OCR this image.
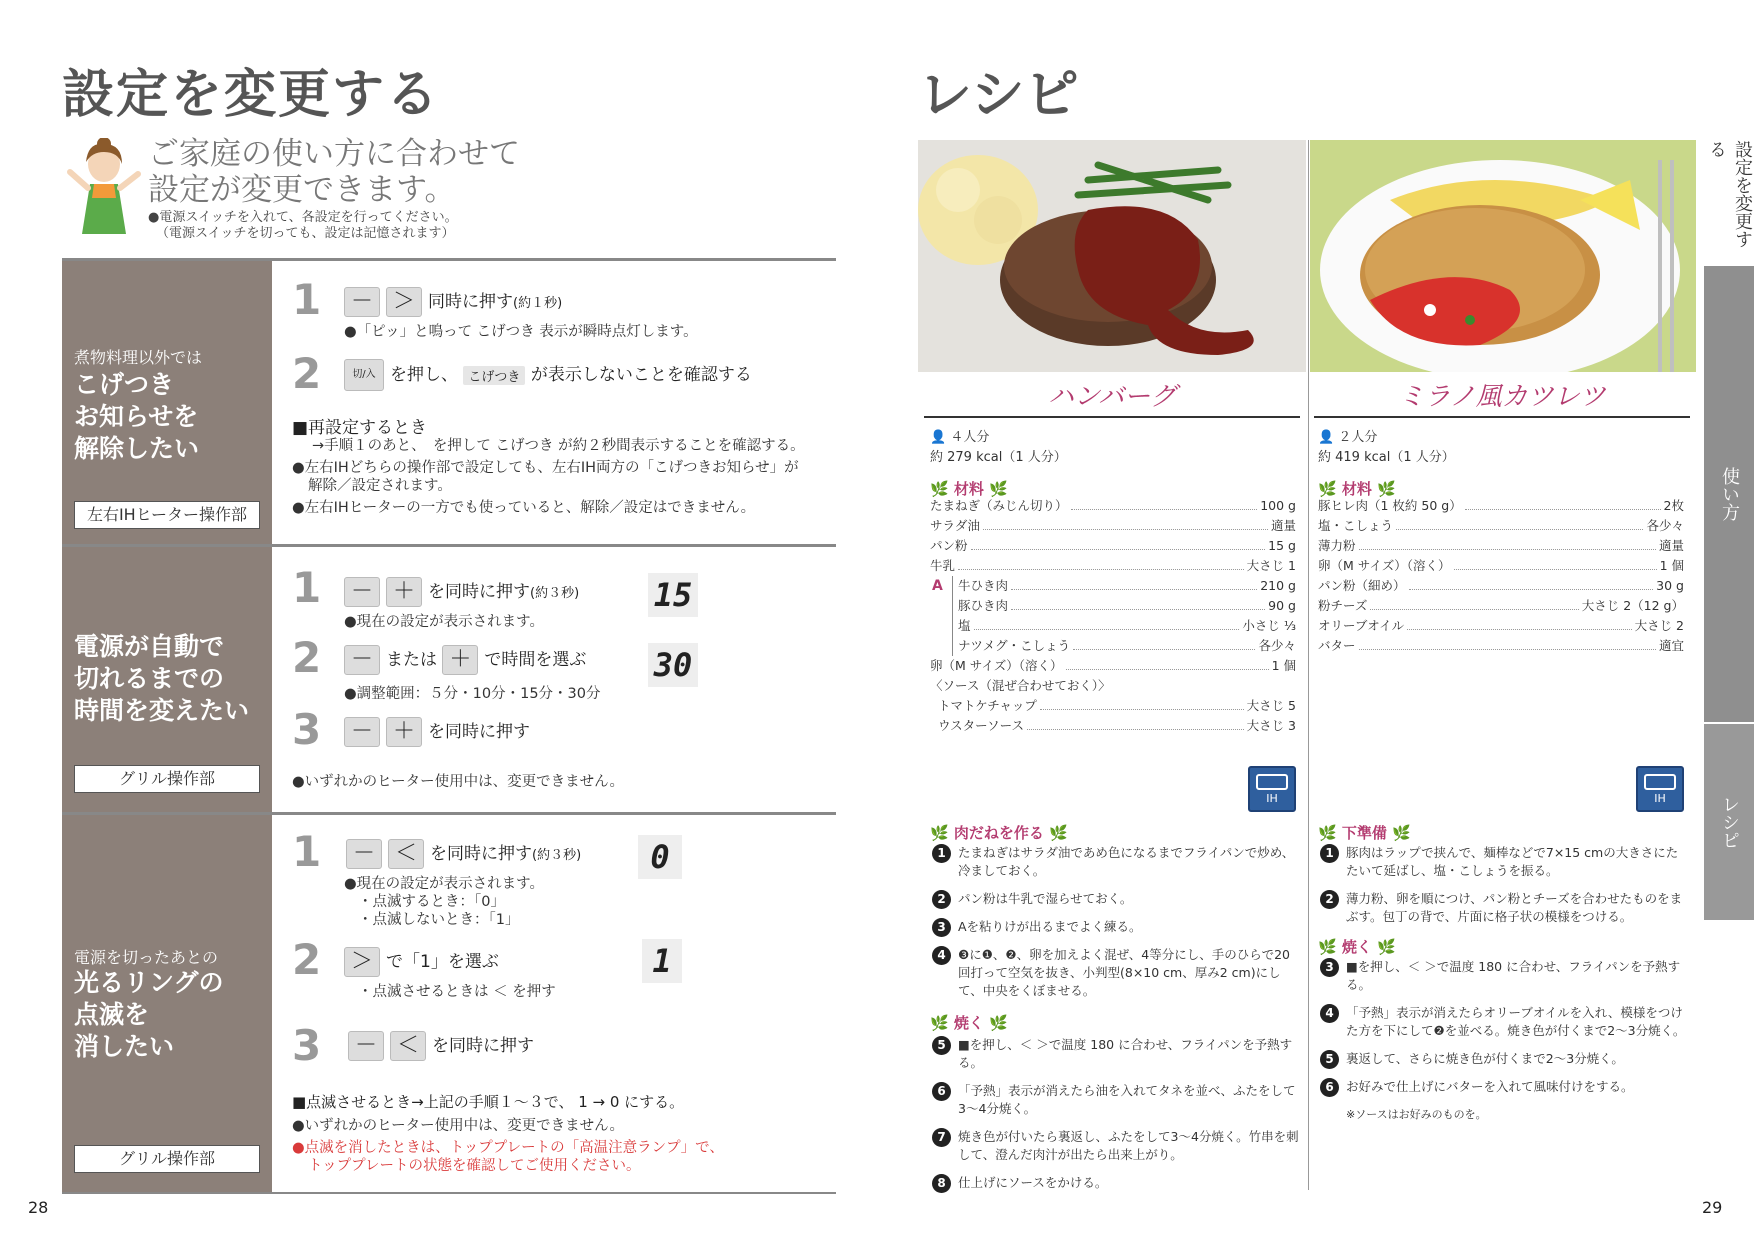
設定を変更する
ご家庭の使い方に合わせて
設定が変更できます。
●電源スイッチを入れて、各設定を行ってください。
（電源スイッチを切っても、設定は記憶されます）
煮物料理以外では
こげつき
お知らせを
解除したい
左右IHヒーター操作部
1	－ ＞ 同時に押す(約１秒)
●「ピッ」と鳴って こげつき 表示が瞬時点灯します。
2	切/入 を押し、 こげつき が表示しないことを確認する
■再設定するとき
→手順１のあと、　を押して こげつき が約２秒間表示することを確認する。
●左右IHどちらの操作部で設定しても、左右IH両方の「こげつきお知らせ」が
解除／設定されます。
●左右IHヒーターの一方でも使っていると、解除／設定はできません。
電源が自動で
切れるまでの
時間を変えたい
グリル操作部
1	－ ＋ を同時に押す(約３秒) 15
●現在の設定が表示されます。
2	－ または ＋ で時間を選ぶ 30
●調整範囲：５分・10分・15分・30分
3	－ ＋ を同時に押す
●いずれかのヒーター使用中は、変更できません。
電源を切ったあとの
光るリングの
点滅を
消したい
グリル操作部
1	－ ＜ を同時に押す(約３秒)	0
●現在の設定が表示されます。
・点滅するとき：「0」
・点滅しないとき：「1」
2	＞ で「1」を選ぶ	1
・点滅させるときは ＜ を押す
3	－ ＜ を同時に押す
■点滅させるとき→上記の手順１～３で、 1 → 0 にする。
●いずれかのヒーター使用中は、変更できません。
●点滅を消したときは、トッププレートの「高温注意ランプ」で、
トッププレートの状態を確認してご使用ください。
28
レシピ
ハンバーグ
👤 ４人分
約 279 kcal（1 人分）
🌿 材料 🌿
たまねぎ（みじん切り）	100 g
サラダ油	適量
パン粉	15 g
牛乳	大さじ 1
A 牛ひき肉	210 g
豚ひき肉	90 g
塩	小さじ ⅓
ナツメグ・こしょう	各少々
卵（M サイズ）（溶く）	1 個
〈ソース（混ぜ合わせておく）〉
トマトケチャップ	大さじ 5
ウスターソース	大さじ 3
IH
🌿 肉だねを作る 🌿
1 たまねぎはサラダ油であめ色になるまでフライパンで炒め、冷ましておく。
2 パン粉は牛乳で湿らせておく。
3 Aを粘りけが出るまでよく練る。
4 ❸に❶、❷、卵を加えよく混ぜ、4等分にし、手のひらで20回打って空気を抜き、小判型(8×10 cm、厚み2 cm)にして、中央をくぼませる。
🌿 焼く 🌿
5 ■を押し、＜ ＞で温度 180 に合わせ、フライパンを予熱する。
6 「予熱」表示が消えたら油を入れてタネを並べ、ふたをして3～4分焼く。
7 焼き色が付いたら裏返し、ふたをして3～4分焼く。竹串を刺して、澄んだ肉汁が出たら出来上がり。
8 仕上げにソースをかける。
ミラノ風カツレツ
👤 ２人分
約 419 kcal（1 人分）
🌿 材料 🌿
豚ヒレ肉（1 枚約 50 g）	2枚
塩・こしょう	各少々
薄力粉	適量
卵（M サイズ）（溶く）	1 個
パン粉（細め）	30 g
粉チーズ	大さじ 2（12 g）
オリーブオイル	大さじ 2
バター	適宜
IH
🌿 下準備 🌿
1 豚肉はラップで挟んで、麺棒などで7×15 cmの大きさにたたいて延ばし、塩・こしょうを振る。
2 薄力粉、卵を順につけ、パン粉とチーズを合わせたものをまぶす。包丁の背で、片面に格子状の模様をつける。
🌿 焼く 🌿
3 ■を押し、＜ ＞で温度 180 に合わせ、フライパンを予熱する。
4 「予熱」表示が消えたらオリーブオイルを入れ、模様をつけた方を下にして❷を並べる。焼き色が付くまで2～3分焼く。
5 裏返して、さらに焼き色が付くまで2～3分焼く。
6 お好みで仕上げにバターを入れて風味付けをする。
※ソースはお好みのものを。
設定を変更する
使い方
レシピ
29
